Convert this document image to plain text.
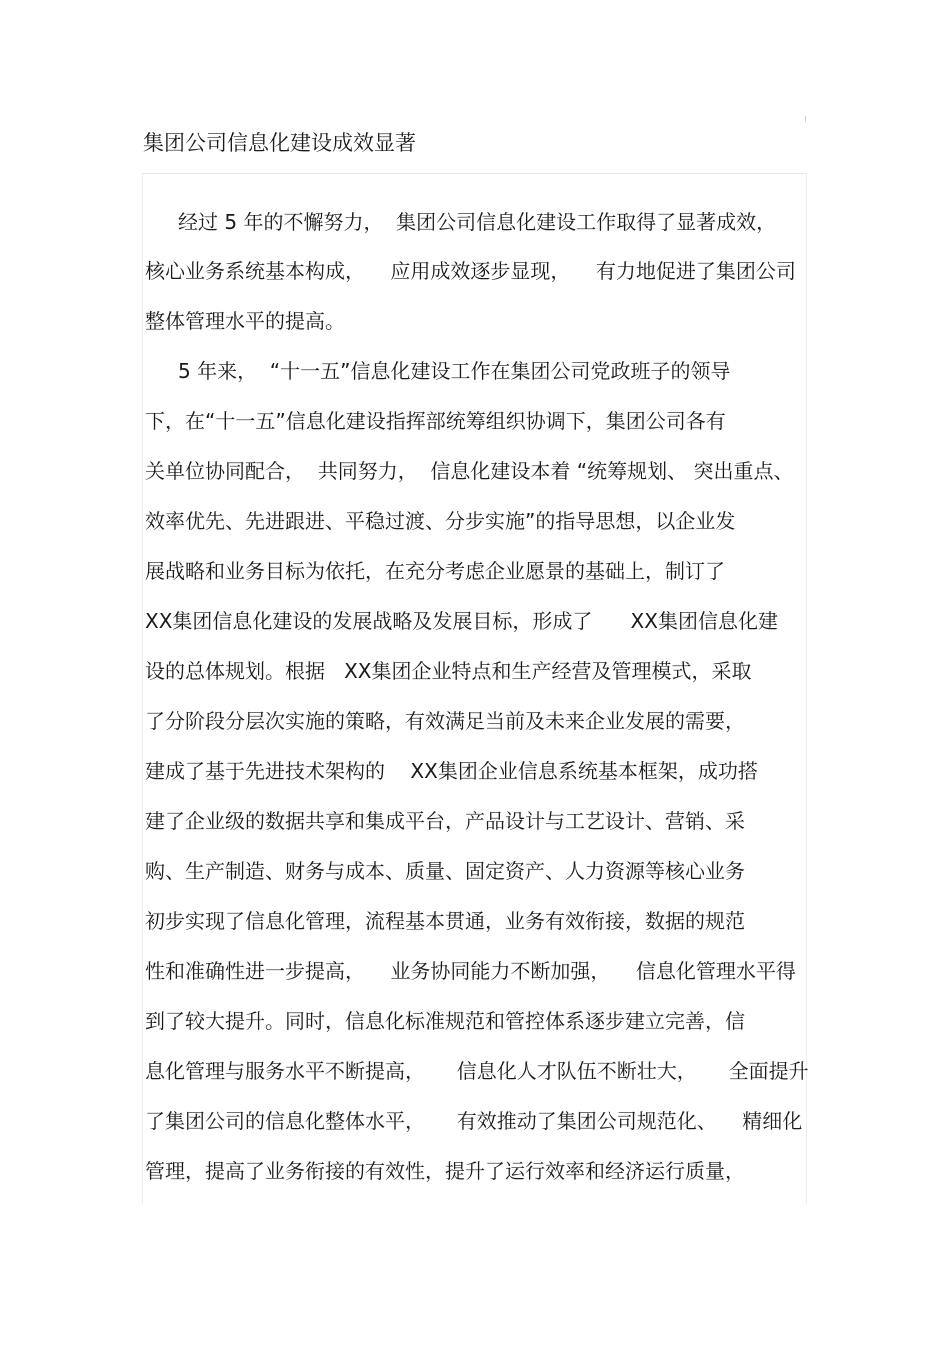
集团公司信息化建设成效显著
经过 5 年的不懈努力，  集团公司信息化建设工作取得了显著成效，
核心业务系统基本构成，    应用成效逐步显现，    有力地促进了集团公司
整体管理水平的提高。
5 年来，  “十一五”信息化建设工作在集团公司党政班子的领导
下，在“十一五”信息化建设指挥部统筹组织协调下，集团公司各有
关单位协同配合，  共同努力，  信息化建设本着 “统筹规划、 突出重点、
效率优先、先进跟进、平稳过渡、分步实施”的指导思想，以企业发
展战略和业务目标为依托，在充分考虑企业愿景的基础上，制订了
XX集团信息化建设的发展战略及发展目标，形成了      XX集团信息化建
设的总体规划。根据   XX集团企业特点和生产经营及管理模式，采取
了分阶段分层次实施的策略，有效满足当前及未来企业发展的需要，
建成了基于先进技术架构的    XX集团企业信息系统基本框架，成功搭
建了企业级的数据共享和集成平台，产品设计与工艺设计、营销、采
购、生产制造、财务与成本、质量、固定资产、人力资源等核心业务
初步实现了信息化管理，流程基本贯通，业务有效衔接，数据的规范
性和准确性进一步提高，    业务协同能力不断加强，    信息化管理水平得
到了较大提升。同时，信息化标准规范和管控体系逐步建立完善，信
息化管理与服务水平不断提高，     信息化人才队伍不断壮大，     全面提升
了集团公司的信息化整体水平，     有效推动了集团公司规范化、    精细化
管理，提高了业务衔接的有效性，提升了运行效率和经济运行质量，
